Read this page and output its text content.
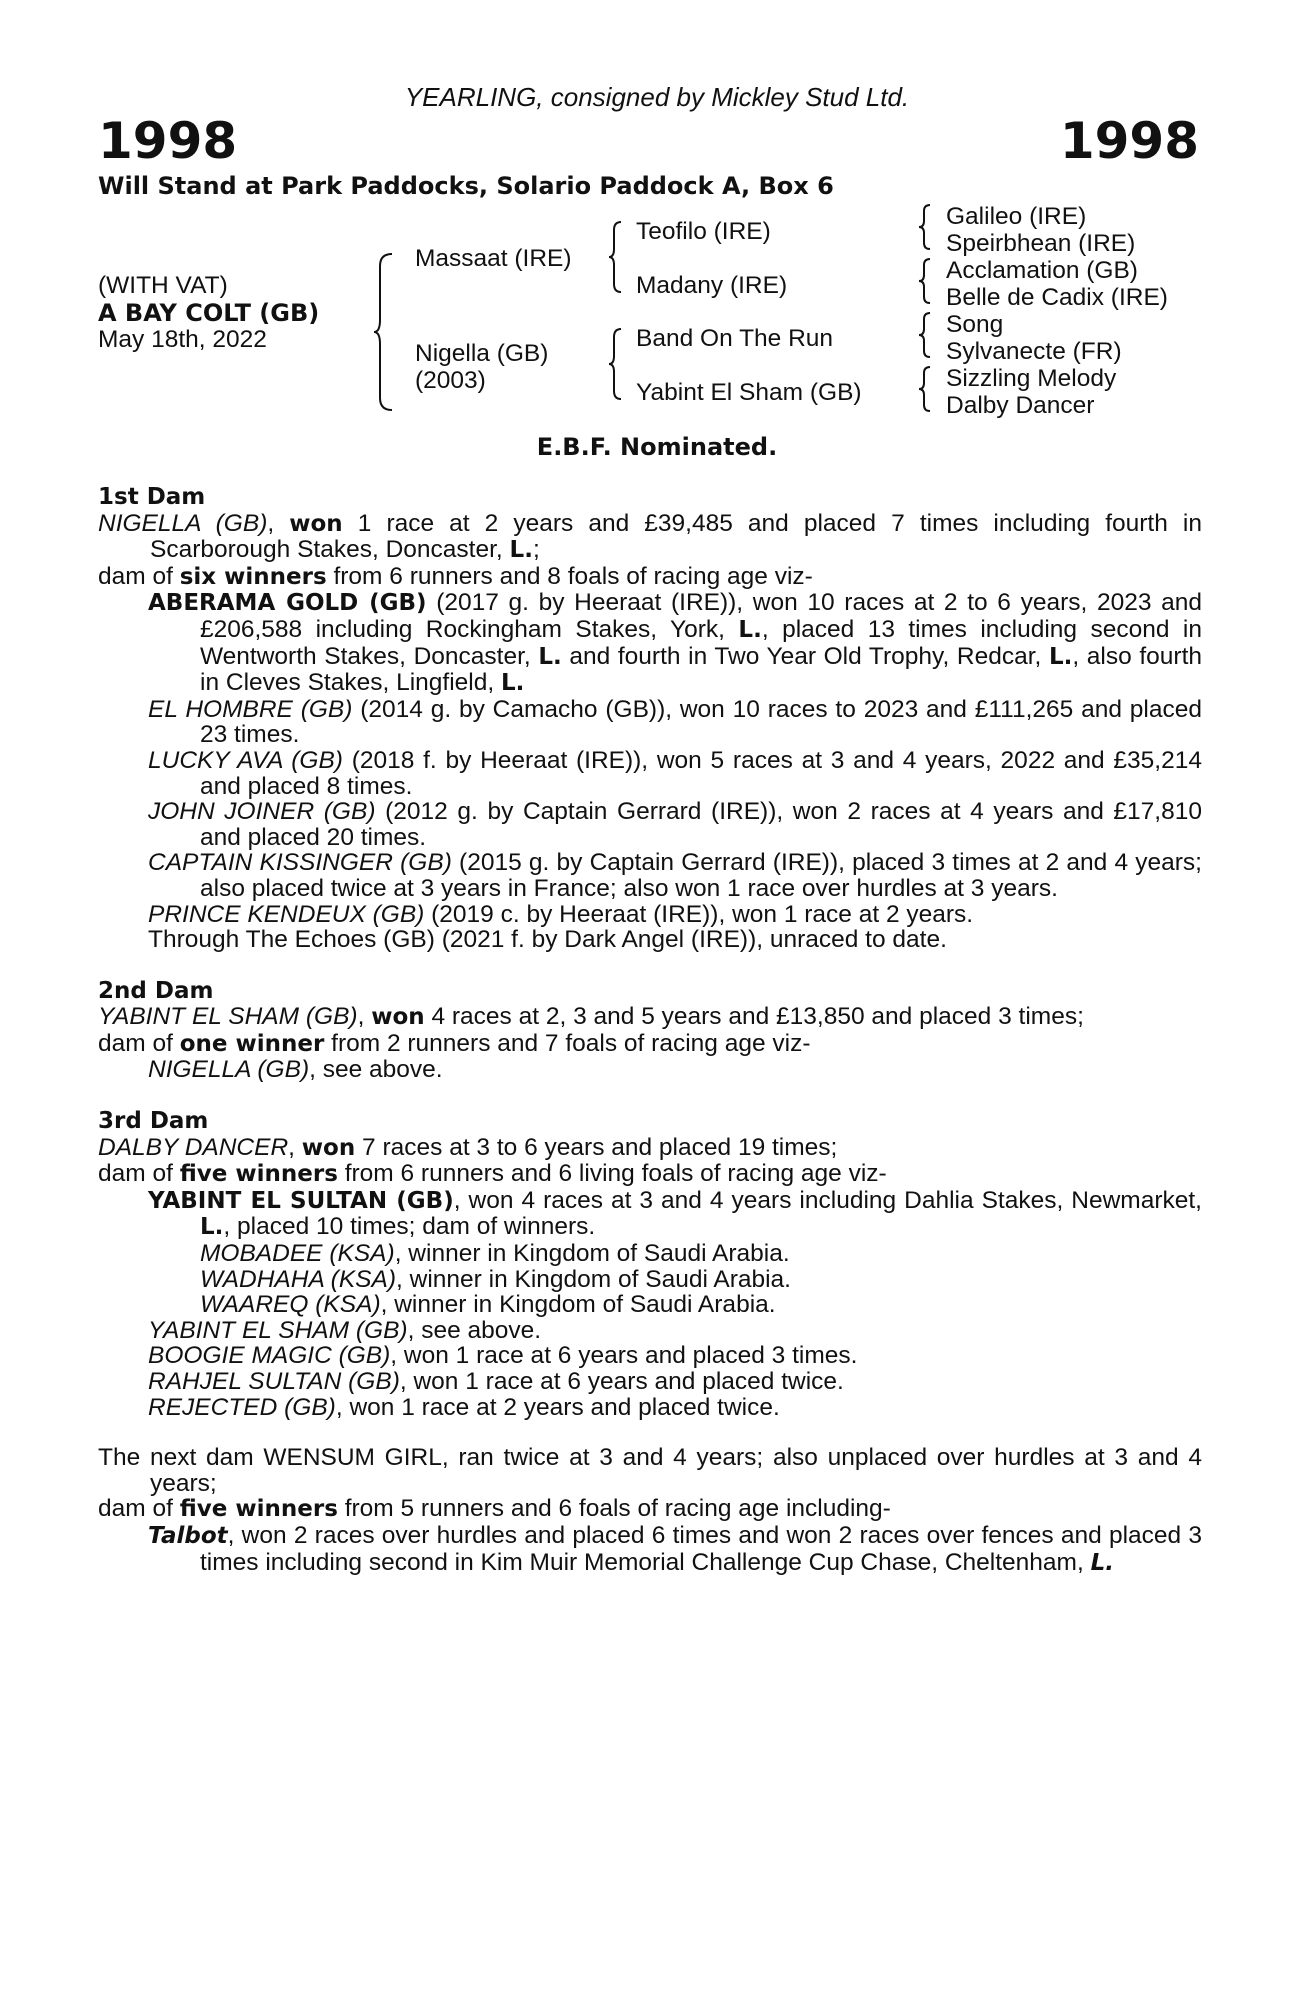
YEARLING, consigned by Mickley Stud Ltd.
1998	1998
Will Stand at Park Paddocks, Solario Paddock A, Box 6
(WITH VAT)
A BAY COLT (GB)
May 18th, 2022
Massaat (IRE)
Nigella (GB)
(2003)
Teofilo (IRE)
Madany (IRE)
Band On The Run
Yabint El Sham (GB)
Galileo (IRE)
Speirbhean (IRE)
Acclamation (GB)
Belle de Cadix (IRE)
Song
Sylvanecte (FR)
Sizzling Melody
Dalby Dancer
E.B.F. Nominated.

1st Dam

NIGELLA (GB), won 1 race at 2 years and £39,485 and placed 7 times including fourth in Scarborough Stakes, Doncaster, L.;

dam of six winners from 6 runners and 8 foals of racing age viz-

ABERAMA GOLD (GB) (2017 g. by Heeraat (IRE)), won 10 races at 2 to 6 years, 2023 and £206,588 including Rockingham Stakes, York, L., placed 13 times including second in Wentworth Stakes, Doncaster, L. and fourth in Two Year Old Trophy, Redcar, L., also fourth in Cleves Stakes, Lingfield, L.

EL HOMBRE (GB) (2014 g. by Camacho (GB)), won 10 races to 2023 and £111,265 and placed 23 times.

LUCKY AVA (GB) (2018 f. by Heeraat (IRE)), won 5 races at 3 and 4 years, 2022 and £35,214 and placed 8 times.

JOHN JOINER (GB) (2012 g. by Captain Gerrard (IRE)), won 2 races at 4 years and £17,810 and placed 20 times.

CAPTAIN KISSINGER (GB) (2015 g. by Captain Gerrard (IRE)), placed 3 times at 2 and 4 years; also placed twice at 3 years in France; also won 1 race over hurdles at 3 years.

PRINCE KENDEUX (GB) (2019 c. by Heeraat (IRE)), won 1 race at 2 years.

Through The Echoes (GB) (2021 f. by Dark Angel (IRE)), unraced to date.

2nd Dam

YABINT EL SHAM (GB), won 4 races at 2, 3 and 5 years and £13,850 and placed 3 times;

dam of one winner from 2 runners and 7 foals of racing age viz-

NIGELLA (GB), see above.

3rd Dam

DALBY DANCER, won 7 races at 3 to 6 years and placed 19 times;

dam of five winners from 6 runners and 6 living foals of racing age viz-

YABINT EL SULTAN (GB), won 4 races at 3 and 4 years including Dahlia Stakes, Newmarket, L., placed 10 times; dam of winners.

MOBADEE (KSA), winner in Kingdom of Saudi Arabia.

WADHAHA (KSA), winner in Kingdom of Saudi Arabia.

WAAREQ (KSA), winner in Kingdom of Saudi Arabia.

YABINT EL SHAM (GB), see above.

BOOGIE MAGIC (GB), won 1 race at 6 years and placed 3 times.

RAHJEL SULTAN (GB), won 1 race at 6 years and placed twice.

REJECTED (GB), won 1 race at 2 years and placed twice.

The next dam WENSUM GIRL, ran twice at 3 and 4 years; also unplaced over hurdles at 3 and 4 years;

dam of five winners from 5 runners and 6 foals of racing age including-

Talbot, won 2 races over hurdles and placed 6 times and won 2 races over fences and placed 3 times including second in Kim Muir Memorial Challenge Cup Chase, Cheltenham, L.
